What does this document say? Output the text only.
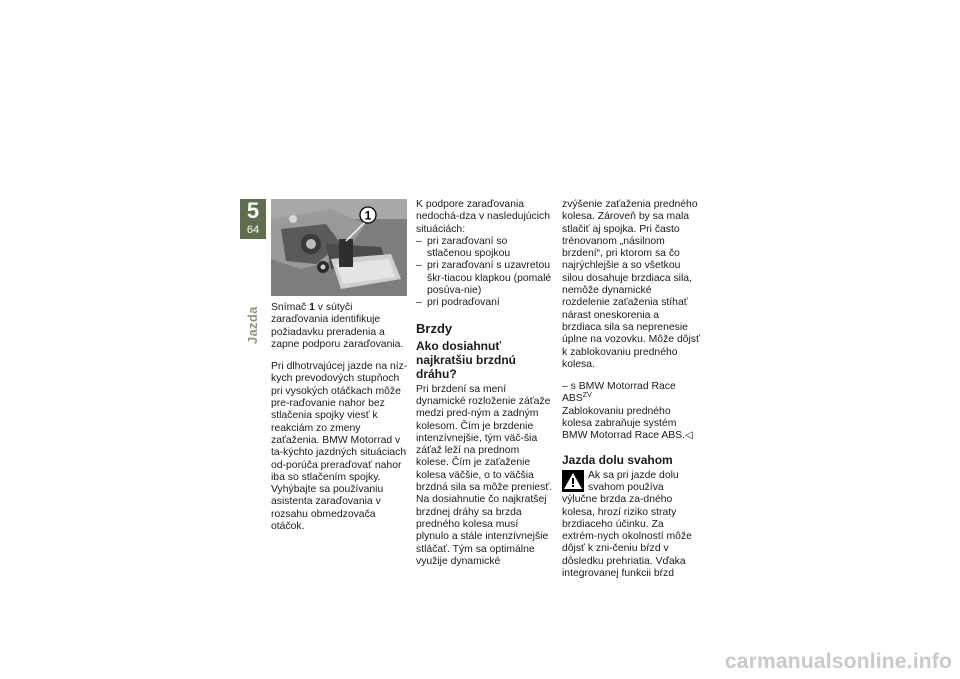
5
64
Jazda
1

Snímač 1 v sútyči zaraďovania identifikuje požiadavku preradenia a zapne podporu zaraďovania.

Pri dlhotrvajúcej jazde na níz-kych prevodových stupňoch pri vysokých otáčkach môže pre-raďovanie nahor bez stlačenia spojky viesť k reakciám zo zmeny zaťaženia. BMW Motorrad v ta-kýchto jazdných situáciach od-porúča preraďovať nahor iba so stlačením spojky. Vyhýbajte sa používaniu asistenta zaraďovania v rozsahu obmedzovača otáčok.

K podpore zaraďovania nedochá-dza v nasledujúcich situáciách:

– pri zaraďovaní so stlačenou spojkou
– pri zaraďovaní s uzavretou škr-tiacou klapkou (pomalé posúva-nie)
– pri podraďovaní
Brzdy
Ako dosiahnuť najkratšiu brzdnú dráhu?

Pri brzdení sa mení dynamické rozloženie záťaže medzi pred-ným a zadným kolesom. Čím je brzdenie intenzívnejšie, tým väč-šia záťaž leží na prednom kolese. Čím je zaťaženie kolesa väčšie, o to väčšia brzdná sila sa môže preniesť.

Na dosiahnutie čo najkratšej brzdnej dráhy sa brzda predného kolesa musí plynulo a stále intenzívnejšie stláčať. Tým sa optimálne využije dynamické

zvýšenie zaťaženia predného kolesa. Zároveň by sa mala stlačiť aj spojka. Pri často trénovanom „násilnom brzdení“, pri ktorom sa čo najrýchlejšie a so všetkou silou dosahuje brzdiaca sila, nemôže dynamické rozdelenie zaťaženia stíhať nárast oneskorenia a brzdiaca sila sa neprenesie úplne na vozovku. Môže dôjsť k zablokovaniu predného kolesa.

– s BMW Motorrad Race $ABS^{ZV}$

Zablokovaniu predného kolesa zabraňuje systém BMW Motorrad Race ABS.◁

Jazda dolu svahom

Ak sa pri jazde dolu svahom používa výlučne brzda za-dného kolesa, hrozí riziko straty brzdiaceho účinku. Za extrém-nych okolností môže dôjsť k zni-čeniu bŕzd v dôsledku prehriatia. Vďaka integrovanej funkcii bŕzd

carmanualsonline.info
